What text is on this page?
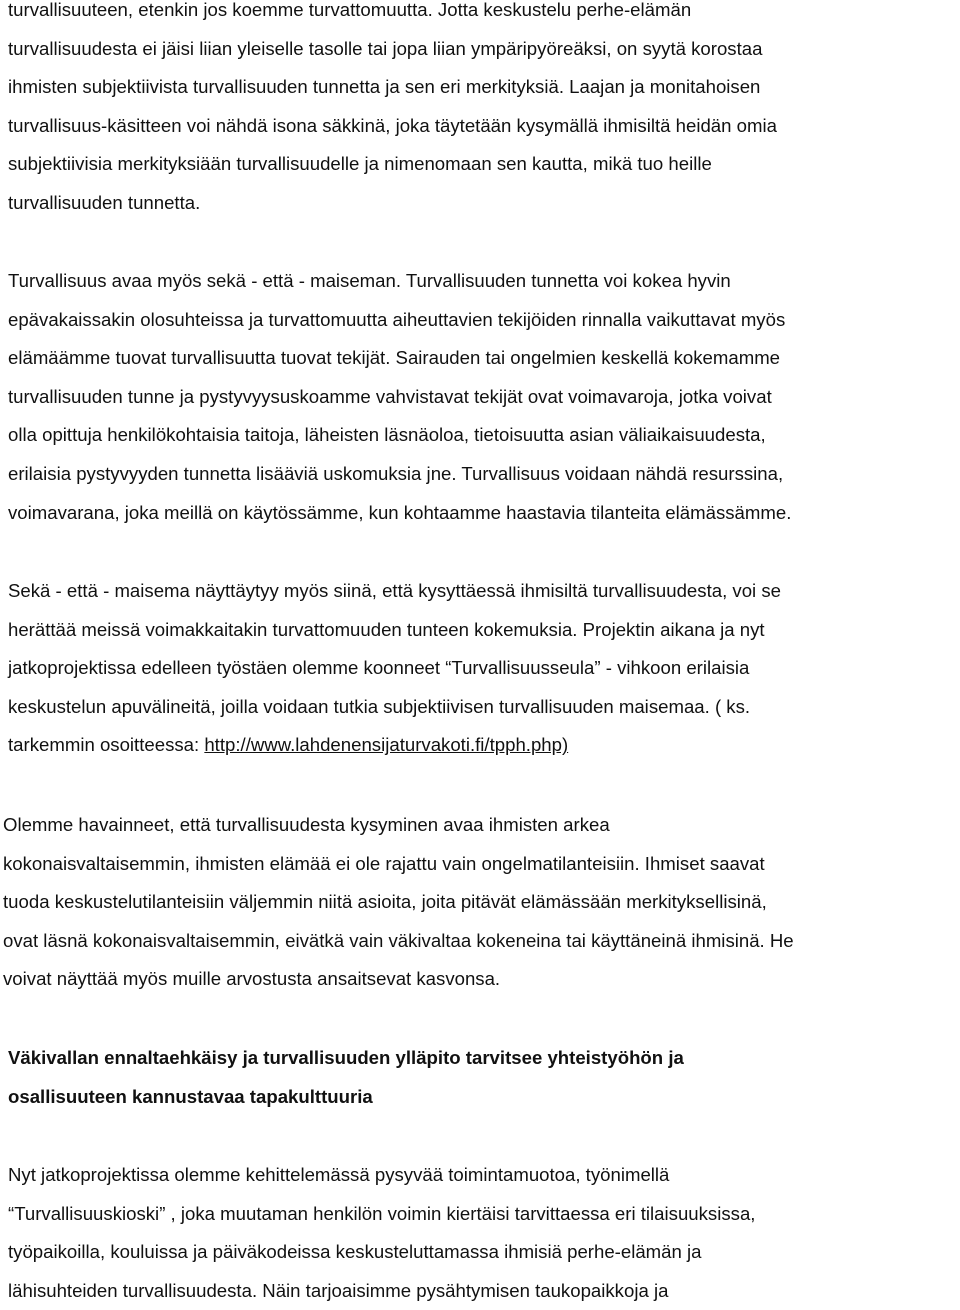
turvallisuuteen, etenkin jos koemme turvattomuutta. Jotta keskustelu perhe-elämän
turvallisuudesta ei jäisi liian yleiselle tasolle tai jopa liian ympäripyöreäksi, on syytä korostaa
ihmisten subjektiivista turvallisuuden tunnetta ja sen eri merkityksiä. Laajan ja monitahoisen
turvallisuus-käsitteen voi nähdä isona säkkinä, joka täytetään kysymällä ihmisiltä heidän omia
subjektiivisia merkityksiään turvallisuudelle ja nimenomaan sen kautta, mikä tuo heille
turvallisuuden tunnetta.

Turvallisuus avaa myös sekä - että - maiseman. Turvallisuuden tunnetta voi kokea hyvin
epävakaissakin olosuhteissa ja turvattomuutta aiheuttavien tekijöiden rinnalla vaikuttavat myös
elämäämme tuovat turvallisuutta tuovat tekijät. Sairauden tai ongelmien keskellä kokemamme
turvallisuuden tunne ja pystyvyysuskoamme vahvistavat tekijät ovat voimavaroja, jotka voivat
olla opittuja henkilökohtaisia taitoja, läheisten läsnäoloa, tietoisuutta asian väliaikaisuudesta,
erilaisia pystyvyyden tunnetta lisääviä uskomuksia jne. Turvallisuus voidaan nähdä resurssina,
voimavarana, joka meillä on käytössämme, kun kohtaamme haastavia tilanteita elämässämme.

Sekä - että - maisema näyttäytyy myös siinä, että kysyttäessä ihmisiltä turvallisuudesta, voi se
herättää meissä voimakkaitakin turvattomuuden tunteen kokemuksia. Projektin aikana ja nyt
jatkoprojektissa edelleen työstäen olemme koonneet “Turvallisuusseula” - vihkoon erilaisia
keskustelun apuvälineitä, joilla voidaan tutkia subjektiivisen turvallisuuden maisemaa. ( ks.
tarkemmin osoitteessa: http://www.lahdenensijaturvakoti.fi/tpph.php)

Olemme havainneet, että turvallisuudesta kysyminen avaa ihmisten arkea
kokonaisvaltaisemmin, ihmisten elämää ei ole rajattu vain ongelmatilanteisiin. Ihmiset saavat
tuoda keskustelutilanteisiin väljemmin niitä asioita, joita pitävät elämässään merkityksellisinä,
ovat läsnä kokonaisvaltaisemmin, eivätkä vain väkivaltaa kokeneina tai käyttäneinä ihmisinä. He
voivat näyttää myös muille arvostusta ansaitsevat kasvonsa.

Väkivallan ennaltaehkäisy ja turvallisuuden ylläpito tarvitsee yhteistyöhön ja
osallisuuteen kannustavaa tapakulttuuria

Nyt jatkoprojektissa olemme kehittelemässä pysyvää toimintamuotoa, työnimellä
“Turvallisuuskioski” , joka muutaman henkilön voimin kiertäisi tarvittaessa eri tilaisuuksissa,
työpaikoilla, kouluissa ja päiväkodeissa keskusteluttamassa ihmisiä perhe-elämän ja
lähisuhteiden turvallisuudesta. Näin tarjoaisimme pysähtymisen taukopaikkoja ja
